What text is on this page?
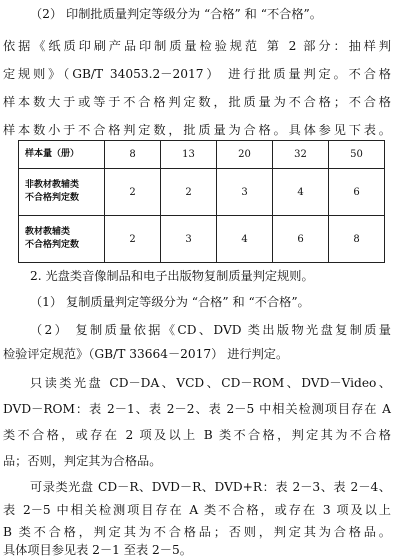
（2） 印制批质量判定等级分为 “合格” 和 “不合格”。
依据《纸质印刷产品印制质量检验规范 第 2 部分：抽样判
定规则》（GB/T 34053.2－2017） 进行批质量判定。不合格
样本数大于或等于不合格判定数，批质量为不合格；不合格
样本数小于不合格判定数，批质量为合格。具体参见下表。
样本量（册）	8	13	20	32	50

非教材教辅类
不合格判定数	2	2	3	4	6

教材教辅类
不合格判定数	2	3	4	6	8
2. 光盘类音像制品和电子出版物复制质量判定规则。
（1） 复制质量判定等级分为 “合格” 和 “不合格”。
（2） 复制质量依据《CD、DVD 类出版物光盘复制质量
检验评定规范》（GB/T 33664－2017） 进行判定。
只读类光盘 CD－DA、VCD、CD－ROM、DVD－Video、
DVD－ROM：表 2－1、表 2－2、表 2－5 中相关检测项目存在 A
类不合格，或存在 2 项及以上 B 类不合格，判定其为不合格
品；否则，判定其为合格品。
可录类光盘 CD－R、DVD－R、DVD+R：表 2－3、表 2－4、
表 2－5 中相关检测项目存在 A 类不合格，或存在 3 项及以上
B 类不合格，判定其为不合格品；否则，判定其为合格品。
具体项目参见表 2－1 至表 2－5。
